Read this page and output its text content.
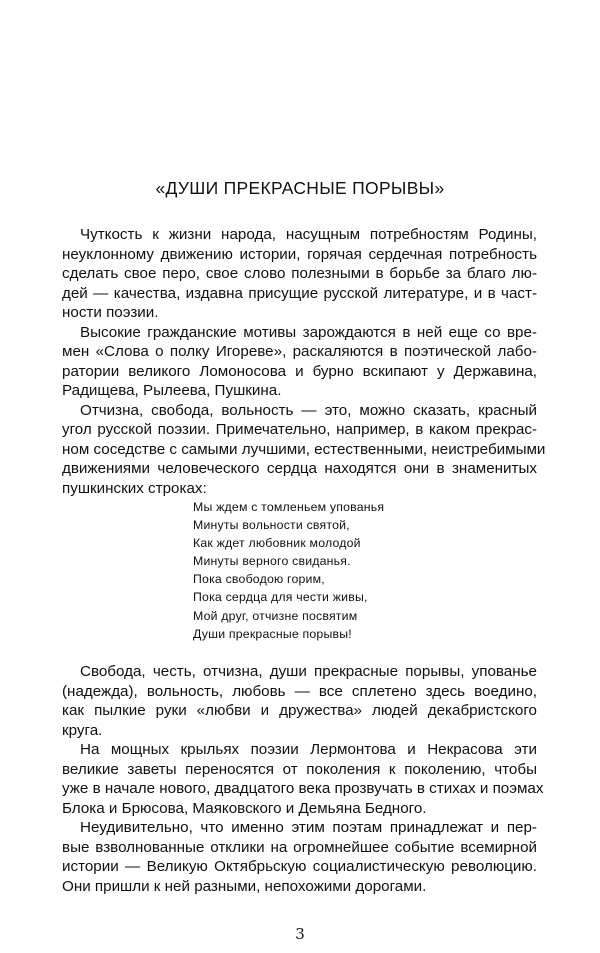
«ДУШИ ПРЕКРАСНЫЕ ПОРЫВЫ»
Чуткость к жизни народа, насущным потребностям Родины,
неуклонному движению истории, горячая сердечная потребность
сделать свое перо, свое слово полезными в борьбе за благо лю-
дей — качества, издавна присущие русской литературе, и в част-
ности поэзии.
Высокие гражданские мотивы зарождаются в ней еще со вре-
мен «Слова о полку Игореве», раскаляются в поэтической лабо-
ратории великого Ломоносова и бурно вскипают у Державина,
Радищева, Рылеева, Пушкина.
Отчизна, свобода, вольность — это, можно сказать, красный
угол русской поэзии. Примечательно, например, в каком прекрас-
ном соседстве с самыми лучшими, естественными, неистребимыми
движениями человеческого сердца находятся они в знаменитых
пушкинских строках:
Мы ждем с томленьем упованья
Минуты вольности святой,
Как ждет любовник молодой
Минуты верного свиданья.
Пока свободою горим,
Пока сердца для чести живы,
Мой друг, отчизне посвятим
Души прекрасные порывы!
Свобода, честь, отчизна, души прекрасные порывы, упованье
(надежда), вольность, любовь — все сплетено здесь воедино,
как пылкие руки «любви и дружества» людей декабристского
круга.
На мощных крыльях поэзии Лермонтова и Некрасова эти
великие заветы переносятся от поколения к поколению, чтобы
уже в начале нового, двадцатого века прозвучать в стихах и поэмах
Блока и Брюсова, Маяковского и Демьяна Бедного.
Неудивительно, что именно этим поэтам принадлежат и пер-
вые взволнованные отклики на огромнейшее событие всемирной
истории — Великую Октябрьскую социалистическую революцию.
Они пришли к ней разными, непохожими дорогами.
3
